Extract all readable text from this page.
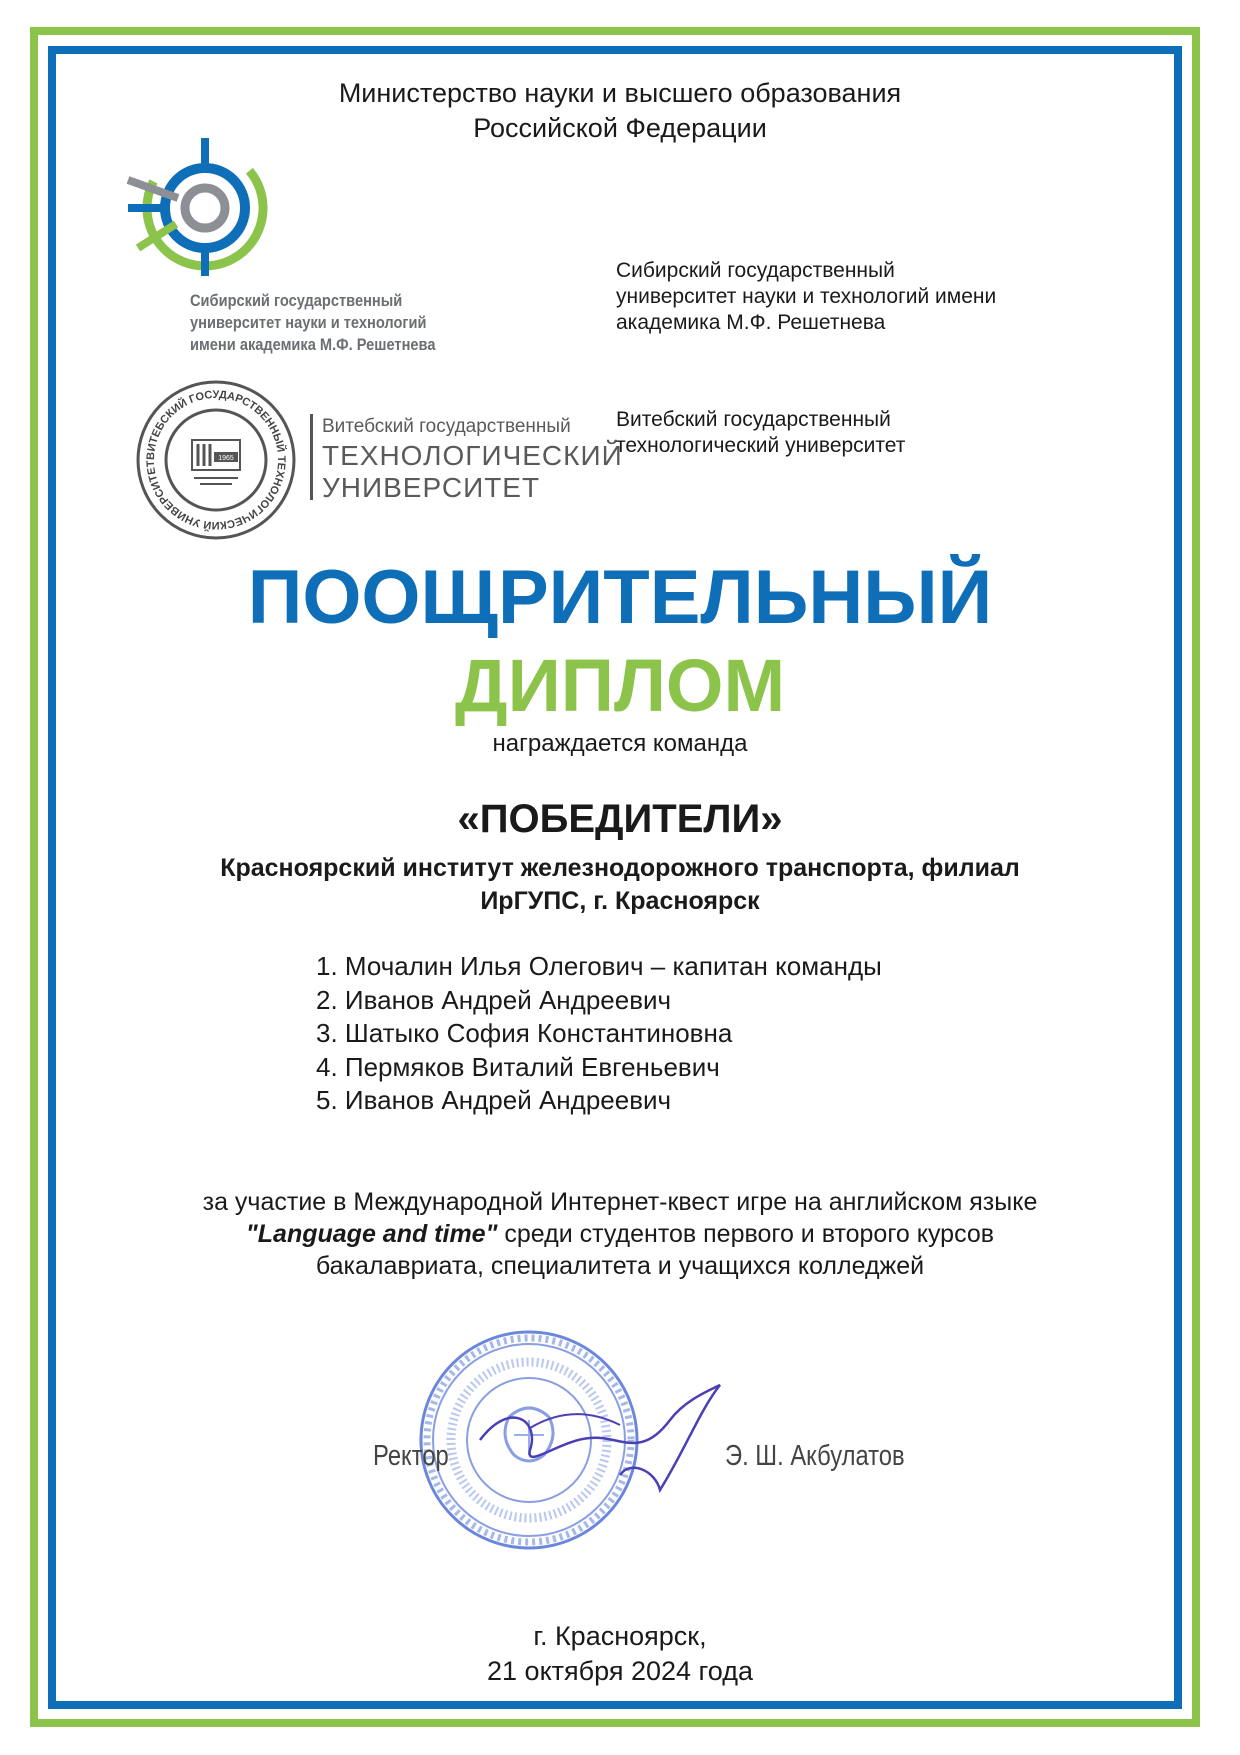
Министерство науки и высшего образования
Российской Федерации
Сибирский государственный
университет науки и технологий
имени академика М.Ф. Решетнева
Сибирский государственный
университет науки и технологий имени
академика М.Ф. Решетнева
ВИТЕБСКИЙ ГОСУДАРСТВЕННЫЙ ТЕХНОЛОГИЧЕСКИЙ УНИВЕРСИТЕТ
1965
Витебский государственный
ТЕХНОЛОГИЧЕСКИЙ
УНИВЕРСИТЕТ
Витебский государственный
технологический университет
ПООЩРИТЕЛЬНЫЙ
ДИПЛОМ
награждается команда
«ПОБЕДИТЕЛИ»
Красноярский институт железнодорожного транспорта, филиал
ИрГУПС, г. Красноярск
1. Мочалин Илья Олегович – капитан команды
2. Иванов Андрей Андреевич
3. Шатыко София Константиновна
4. Пермяков Виталий Евгеньевич
5. Иванов Андрей Андреевич
за участие в Международной Интернет-квест игре на английском языке
"Language and time" среди студентов первого и второго курсов
бакалавриата, специалитета и учащихся колледжей
Ректор	Э. Ш. Акбулатов
г. Красноярск,
21 октября 2024 года
